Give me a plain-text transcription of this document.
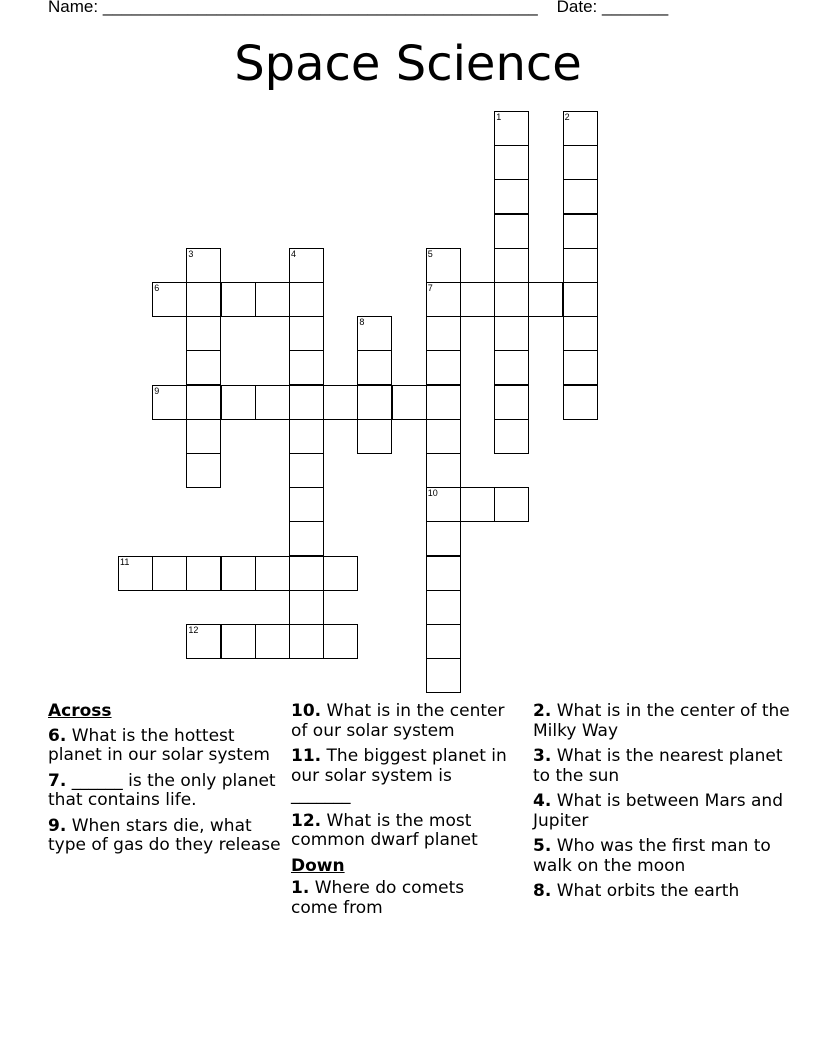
Name: ______________________________________________ Date: _______
Space Science
1	2
3	4	5
7
10
6
8
9
11
12
Across
6. What is the hottest planet in our solar system
7. ______ is the only planet that contains life.
9. When stars die, what type of gas do they release
10. What is in the center of our solar system
11. The biggest planet in our solar system is _______
12. What is the most common dwarf planet
Down
1. Where do comets come from
2. What is in the center of the Milky Way
3. What is the nearest planet to the sun
4. What is between Mars and Jupiter
5. Who was the first man to walk on the moon
8. What orbits the earth
